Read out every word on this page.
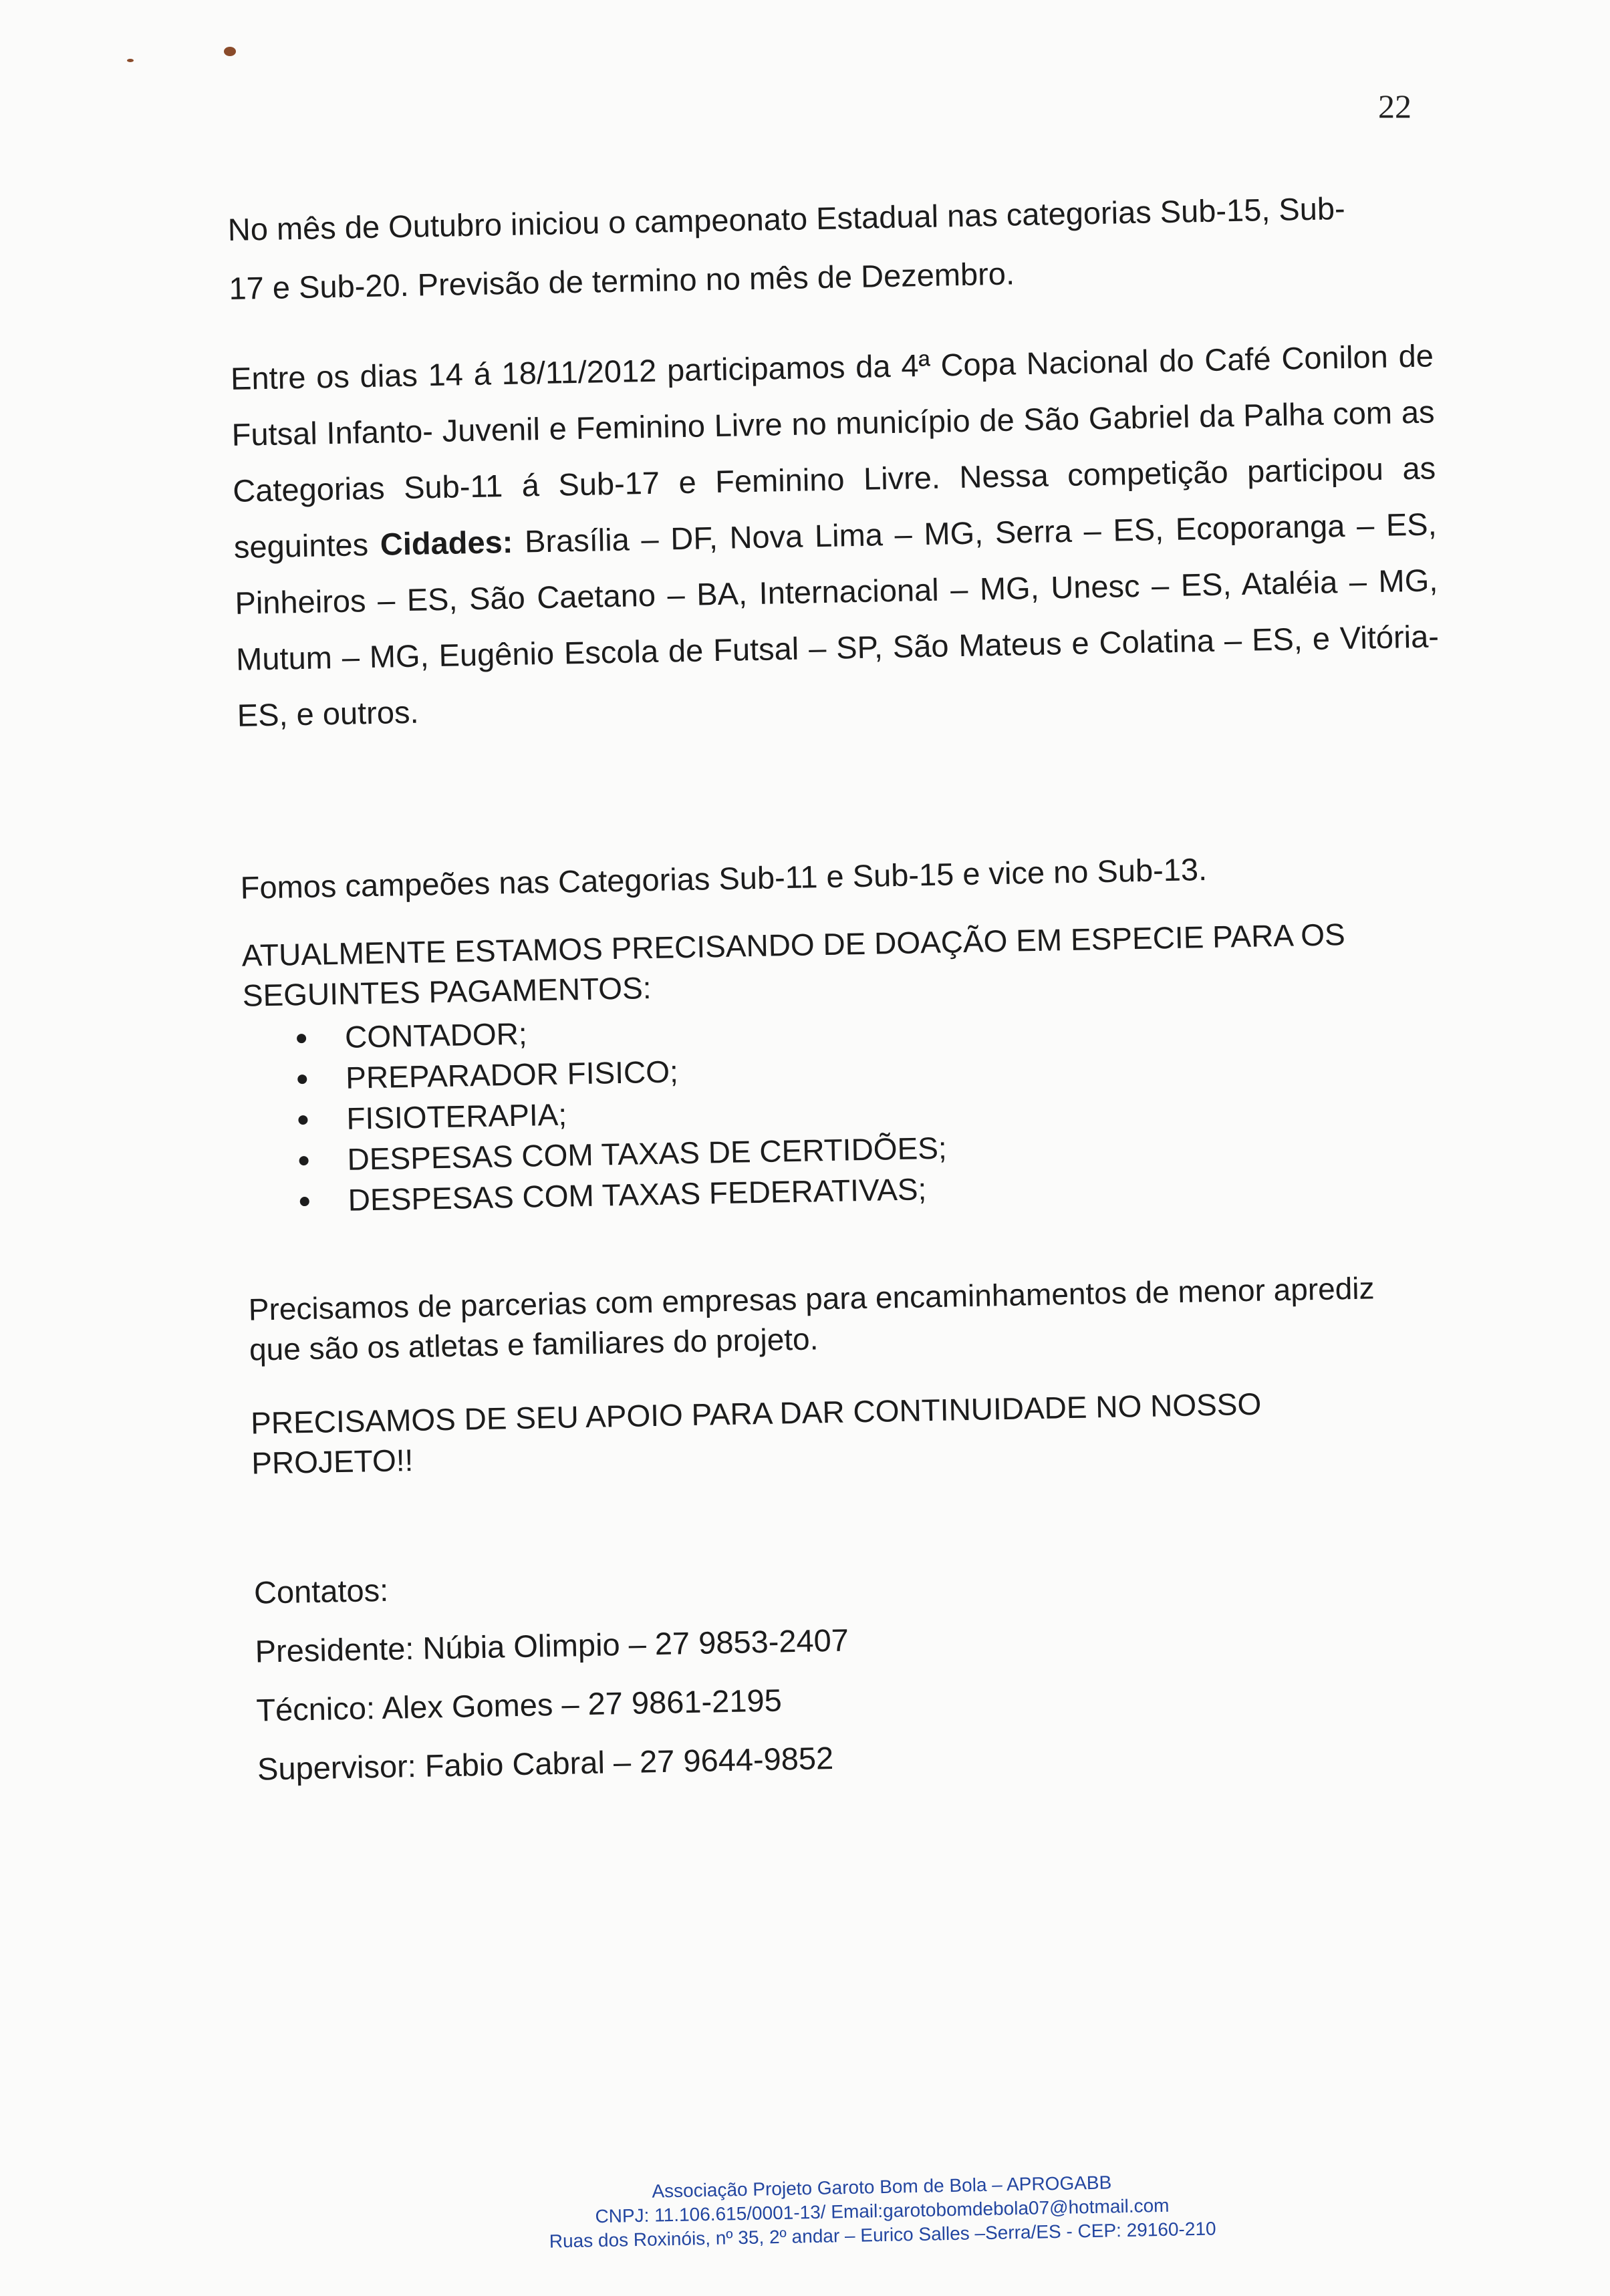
22

No mês de Outubro iniciou o campeonato Estadual nas categorias Sub-15, Sub-17 e Sub-20. Previsão de termino no mês de Dezembro.

Entre os dias 14 á 18/11/2012 participamos da 4ª Copa Nacional do Café Conilon de Futsal Infanto- Juvenil e Feminino Livre no município de São Gabriel da Palha com as Categorias Sub-11 á Sub-17 e Feminino Livre. Nessa competição participou as seguintes Cidades: Brasília – DF, Nova Lima – MG, Serra – ES, Ecoporanga – ES, Pinheiros – ES, São Caetano – BA, Internacional – MG, Unesc – ES, Ataléia – MG, Mutum – MG, Eugênio Escola de Futsal – SP, São Mateus e Colatina – ES, e Vitória-ES, e outros.

Fomos campeões nas Categorias Sub-11 e Sub-15 e vice no Sub-13.

ATUALMENTE ESTAMOS PRECISANDO DE DOAÇÃO EM ESPECIE PARA OS SEGUINTES PAGAMENTOS:

CONTADOR;
PREPARADOR FISICO;
FISIOTERAPIA;
DESPESAS COM TAXAS DE CERTIDÕES;
DESPESAS COM TAXAS FEDERATIVAS;

Precisamos de parcerias com empresas para encaminhamentos de menor aprediz que são os atletas e familiares do projeto.

PRECISAMOS DE SEU APOIO PARA DAR CONTINUIDADE NO NOSSO PROJETO!!

Contatos:

Presidente: Núbia Olimpio – 27 9853-2407

Técnico: Alex Gomes – 27 9861-2195

Supervisor: Fabio Cabral – 27 9644-9852

Associação Projeto Garoto Bom de Bola – APROGABB
CNPJ: 11.106.615/0001-13/ Email:garotobomdebola07@hotmail.com
Ruas dos Roxinóis, nº 35, 2º andar – Eurico Salles –Serra/ES - CEP: 29160-210
